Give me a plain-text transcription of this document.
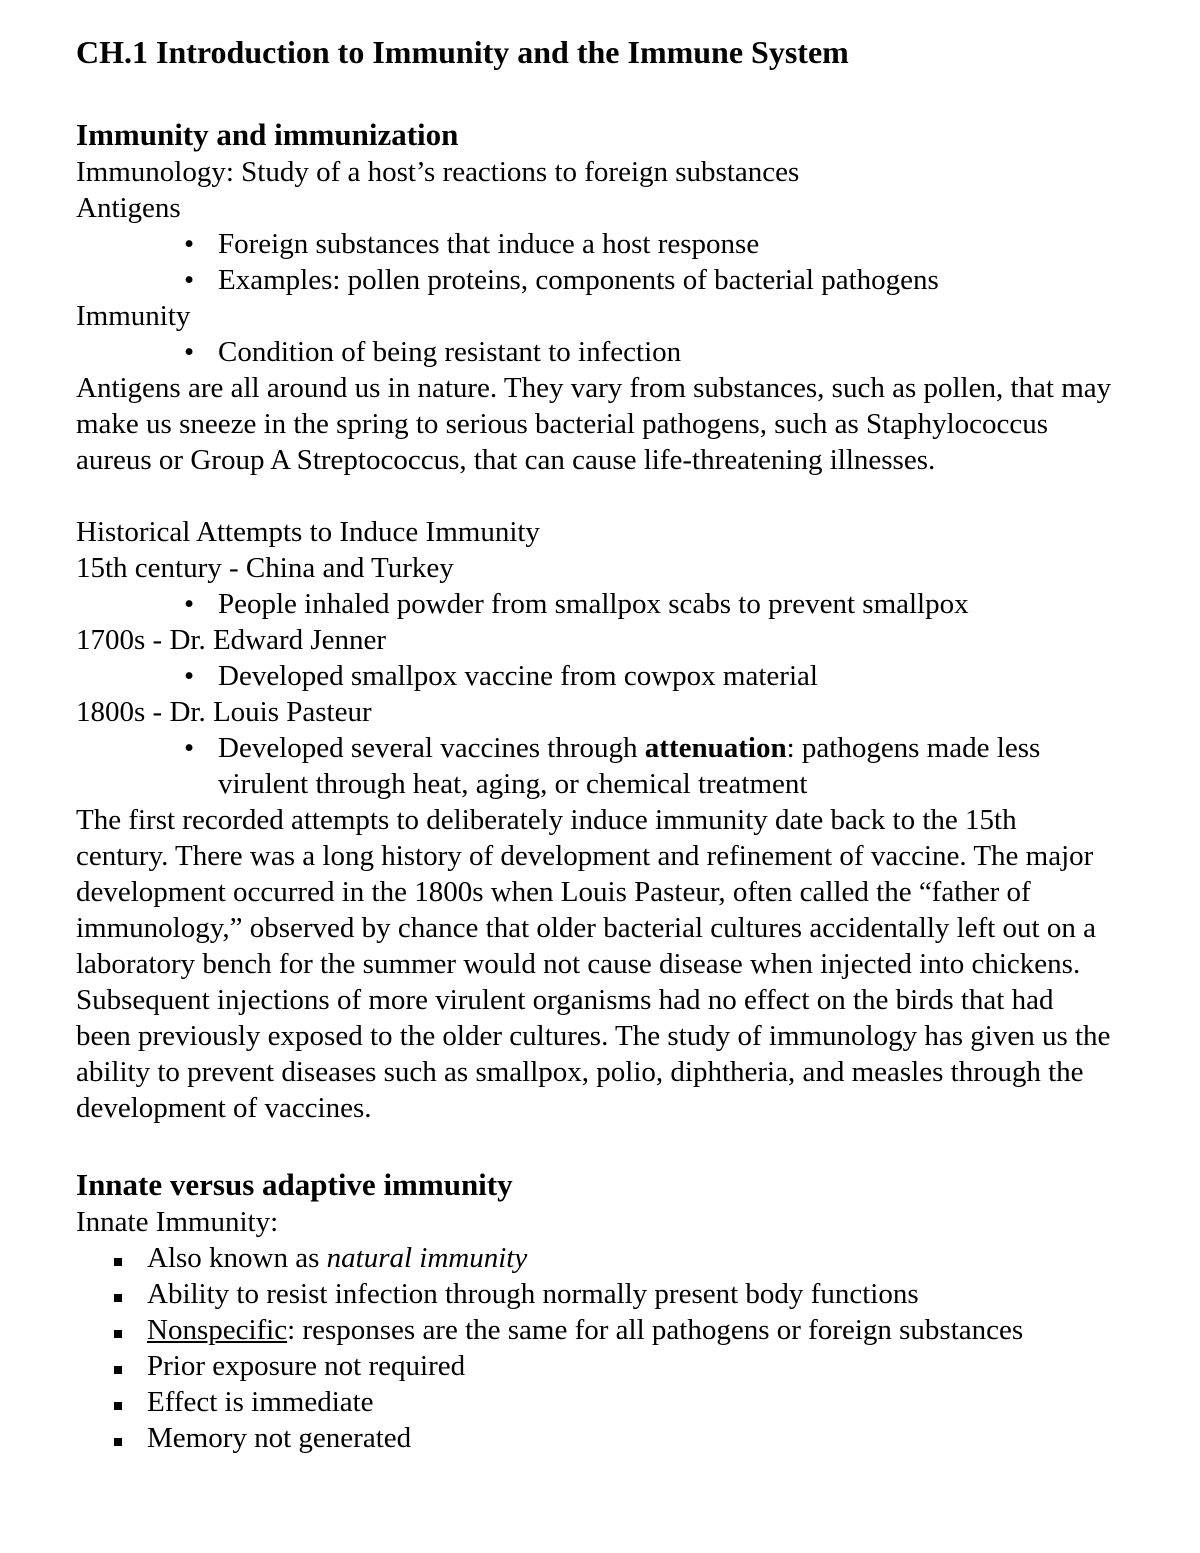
CH.1 Introduction to Immunity and the Immune System
Immunity and immunization

Immunology: Study of a host’s reactions to foreign substances

Antigens

• Foreign substances that induce a host response

• Examples: pollen proteins, components of bacterial pathogens

Immunity

• Condition of being resistant to infection

Antigens are all around us in nature. They vary from substances, such as pollen, that may

make us sneeze in the spring to serious bacterial pathogens, such as Staphylococcus

aureus or Group A Streptococcus, that can cause life-threatening illnesses.

Historical Attempts to Induce Immunity

15th century - China and Turkey

• People inhaled powder from smallpox scabs to prevent smallpox

1700s - Dr. Edward Jenner

• Developed smallpox vaccine from cowpox material

1800s - Dr. Louis Pasteur

• Developed several vaccines through attenuation: pathogens made less

virulent through heat, aging, or chemical treatment

The first recorded attempts to deliberately induce immunity date back to the 15th

century. There was a long history of development and refinement of vaccine. The major

development occurred in the 1800s when Louis Pasteur, often called the “father of

immunology,” observed by chance that older bacterial cultures accidentally left out on a

laboratory bench for the summer would not cause disease when injected into chickens.

Subsequent injections of more virulent organisms had no effect on the birds that had

been previously exposed to the older cultures. The study of immunology has given us the

ability to prevent diseases such as smallpox, polio, diphtheria, and measles through the

development of vaccines.

Innate versus adaptive immunity

Innate Immunity:

Also known as natural immunity

Ability to resist infection through normally present body functions

Nonspecific: responses are the same for all pathogens or foreign substances

Prior exposure not required

Effect is immediate

Memory not generated
